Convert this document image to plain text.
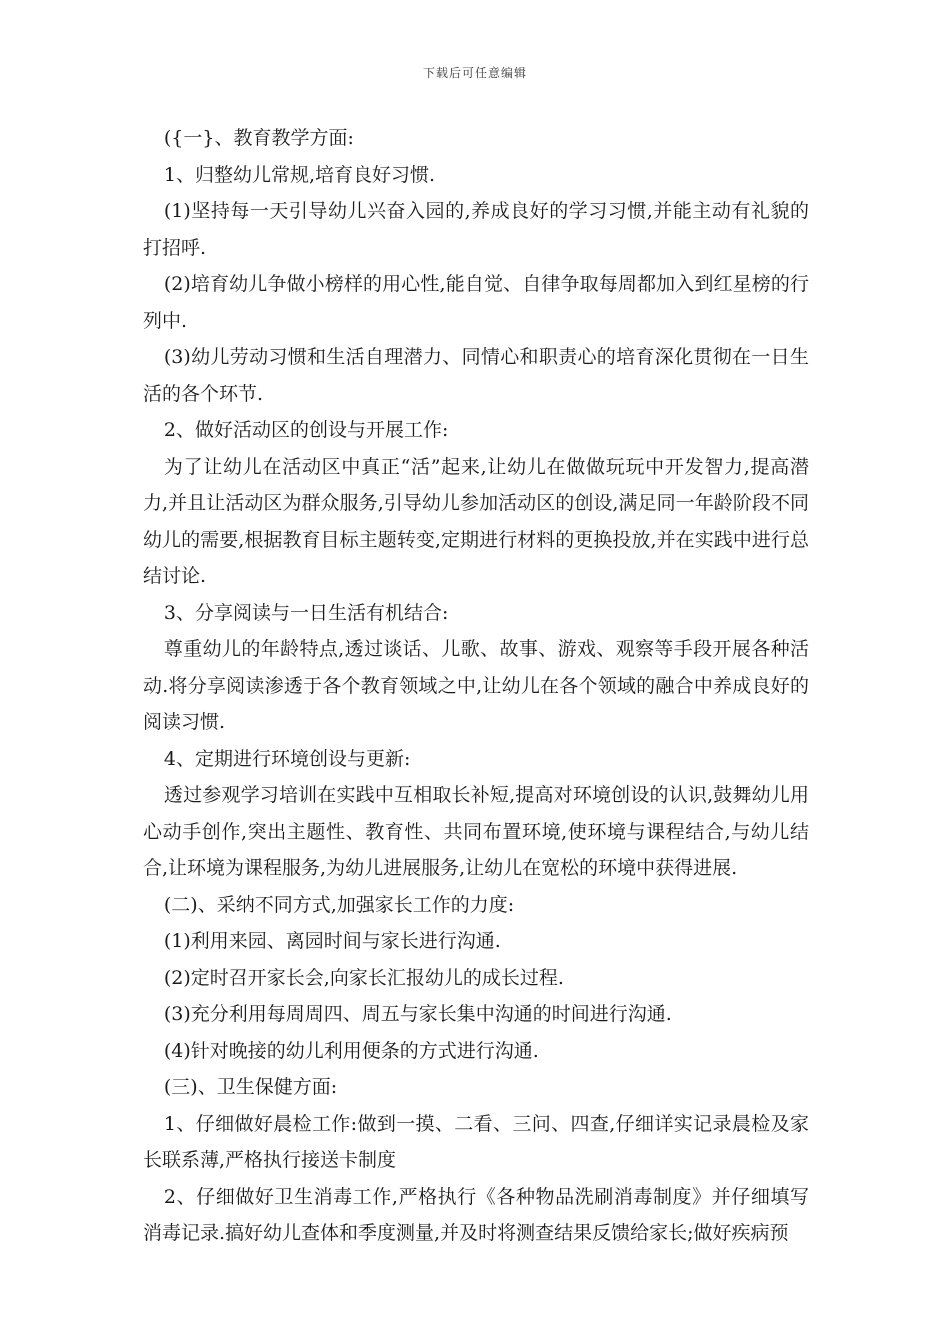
下载后可任意编辑

({一}、教育教学方面:

1、归整幼儿常规,培育良好习惯.

(1)坚持每一天引导幼儿兴奋入园的,养成良好的学习习惯,并能主动有礼貌的打招呼.

(2)培育幼儿争做小榜样的用心性,能自觉、自律争取每周都加入到红星榜的行列中.

(3)幼儿劳动习惯和生活自理潜力、同情心和职责心的培育深化贯彻在一日生活的各个环节.

2、做好活动区的创设与开展工作:

为了让幼儿在活动区中真正“活”起来,让幼儿在做做玩玩中开发智力,提高潜力,并且让活动区为群众服务,引导幼儿参加活动区的创设,满足同一年龄阶段不同幼儿的需要,根据教育目标主题转变,定期进行材料的更换投放,并在实践中进行总结讨论.

3、分享阅读与一日生活有机结合:

尊重幼儿的年龄特点,透过谈话、儿歌、故事、游戏、观察等手段开展各种活动.将分享阅读渗透于各个教育领域之中,让幼儿在各个领域的融合中养成良好的阅读习惯.

4、定期进行环境创设与更新:

透过参观学习培训在实践中互相取长补短,提高对环境创设的认识,鼓舞幼儿用心动手创作,突出主题性、教育性、共同布置环境,使环境与课程结合,与幼儿结合,让环境为课程服务,为幼儿进展服务,让幼儿在宽松的环境中获得进展.

(二)、采纳不同方式,加强家长工作的力度:

(1)利用来园、离园时间与家长进行沟通.

(2)定时召开家长会,向家长汇报幼儿的成长过程.

(3)充分利用每周周四、周五与家长集中沟通的时间进行沟通.

(4)针对晚接的幼儿利用便条的方式进行沟通.

(三)、卫生保健方面:

1、仔细做好晨检工作:做到一摸、二看、三问、四查,仔细详实记录晨检及家长联系薄,严格执行接送卡制度

2、仔细做好卫生消毒工作,严格执行《各种物品洗刷消毒制度》并仔细填写消毒记录.搞好幼儿查体和季度测量,并及时将测查结果反馈给家长;做好疾病预
